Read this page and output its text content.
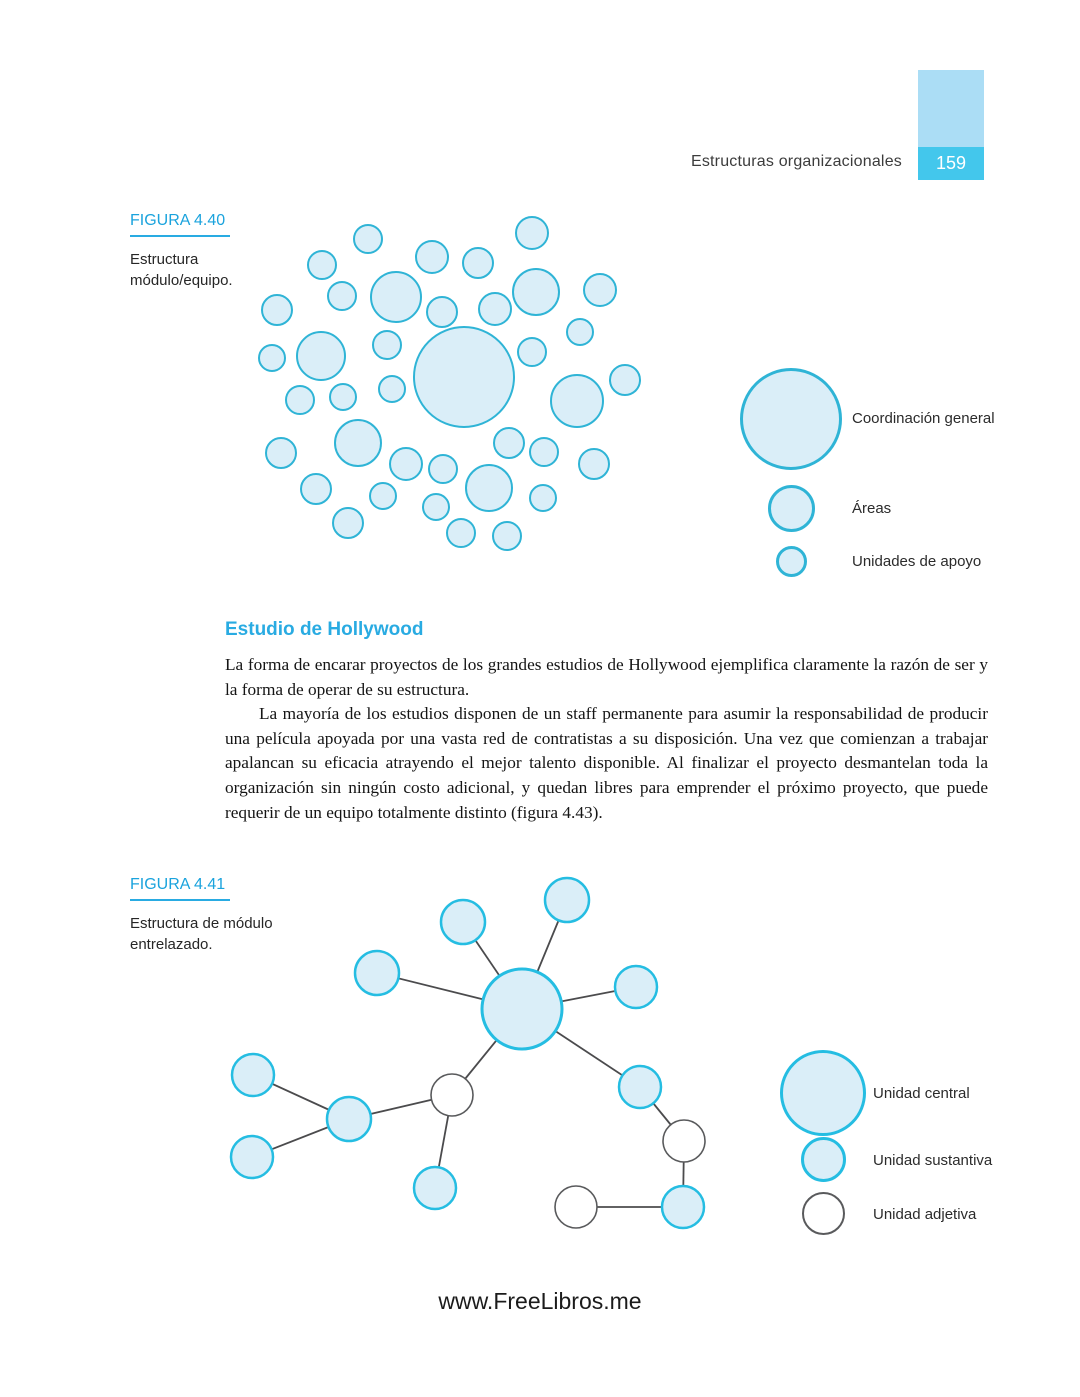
Estructuras organizacionales 159
FIGURA 4.40
Estructura módulo/equipo.
Coordinación general
Áreas
Unidades de apoyo
Estudio de Hollywood

La forma de encarar proyectos de los grandes estudios de Hollywood ejemplifica claramente la razón de ser y la forma de operar de su estructura.

La mayoría de los estudios disponen de un staff permanente para asumir la responsabilidad de producir una película apoyada por una vasta red de contratistas a su disposición. Una vez que comienzan a trabajar apalancan su eficacia atrayendo el mejor talento disponible. Al finalizar el proyecto desmantelan toda la organización sin ningún costo adicional, y quedan libres para emprender el próximo proyecto, que puede requerir de un equipo totalmente distinto (figura 4.43).

FIGURA 4.41
Estructura de módulo entrelazado.
Unidad central
Unidad sustantiva
Unidad adjetiva
www.FreeLibros.me
